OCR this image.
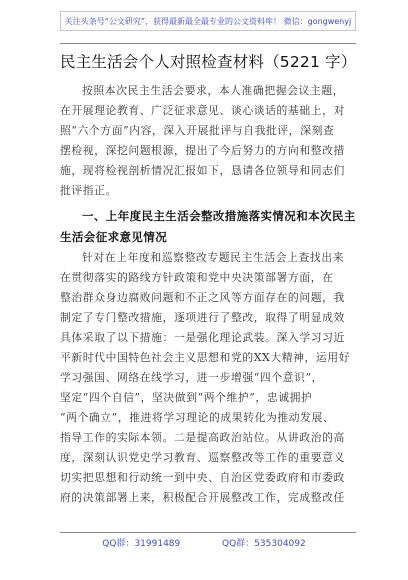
关注头条号“公文研究”，获得最新最全最专业的公文资料库！ 微信：gongwenyj
民主生活会个人对照检查材料（5221 字）
按照本次民主生活会要求，本人准确把握会议主题，
在开展理论教育、广泛征求意见、谈心谈话的基础上，对
照“六个方面”内容，深入开展批评与自我批评，深刻查
摆检视，深挖问题根源，提出了今后努力的方向和整改措
施，现将检视剖析情况汇报如下，恳请各位领导和同志们
批评指正。
一、上年度民主生活会整改措施落实情况和本次民主
生活会征求意见情况
针对在上年度和巡察整改专题民主生活会上查找出来
在贯彻落实的路线方针政策和党中央决策部署方面，在
整治群众身边腐败问题和不正之风等方面存在的问题，我
制定了专门整改措施，逐项进行了整改，取得了明显成效
具体采取了以下措施：一是强化理论武装。深入学习习近
平新时代中国特色社会主义思想和党的XX大精神，运用好
学习强国、网络在线学习，进一步增强“四个意识”，
坚定“四个自信”，坚决做到“两个维护”，忠诚拥护
“两个确立”，推进将学习理论的成果转化为推动发展、
指导工作的实际本领。二是提高政治站位。从讲政治的高
度，深刻认识党史学习教育、巡察整改等工作的重要意义
切实把思想和行动统一到中央、自治区党委政府和市委政
府的决策部署上来，积极配合开展整改工作，完成整改任
QQ群：31991489	QQ群：535304092
